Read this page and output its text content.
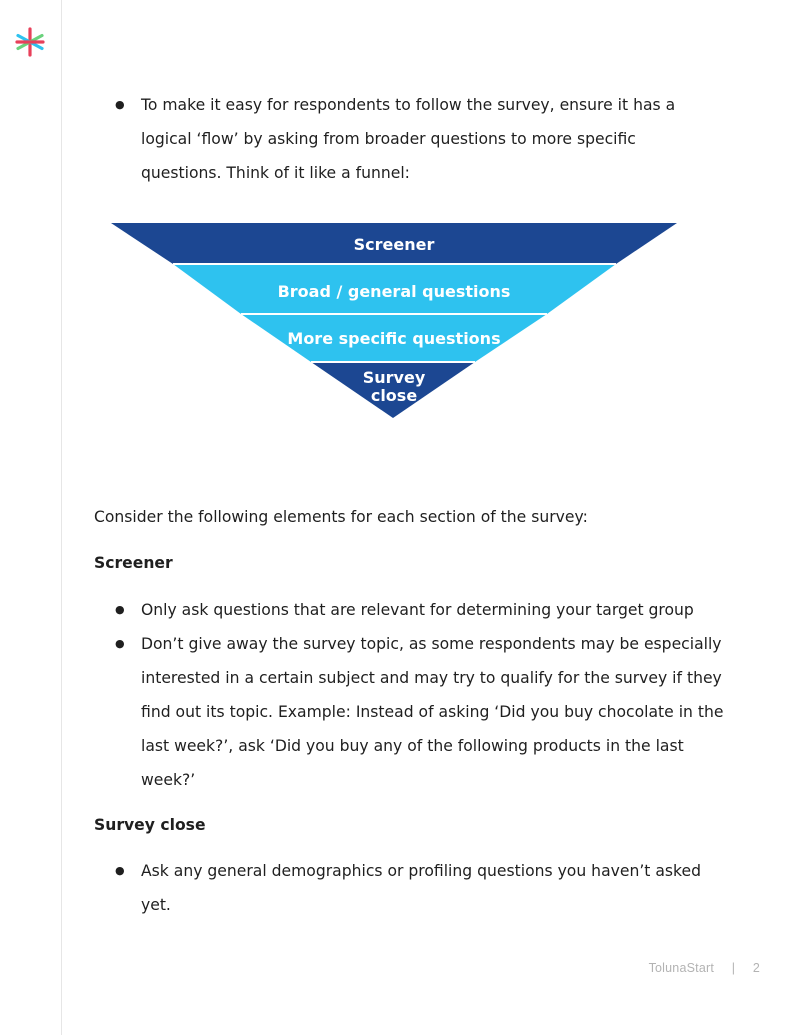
● To make it easy for respondents to follow the survey, ensure it has a logical ‘flow’ by asking from broader questions to more specific questions. Think of it like a funnel:

Consider the following elements for each section of the survey:

Screener

● Only ask questions that are relevant for determining your target group
● Don’t give away the survey topic, as some respondents may be especially interested in a certain subject and may try to qualify for the survey if they find out its topic. Example: Instead of asking ‘Did you buy chocolate in the last week?’, ask ‘Did you buy any of the following products in the last week?’

Survey close

● Ask any general demographics or profiling questions you haven’t asked yet.
Screener
Broad / general questions
More specific questions
Survey
close
TolunaStart | 2
